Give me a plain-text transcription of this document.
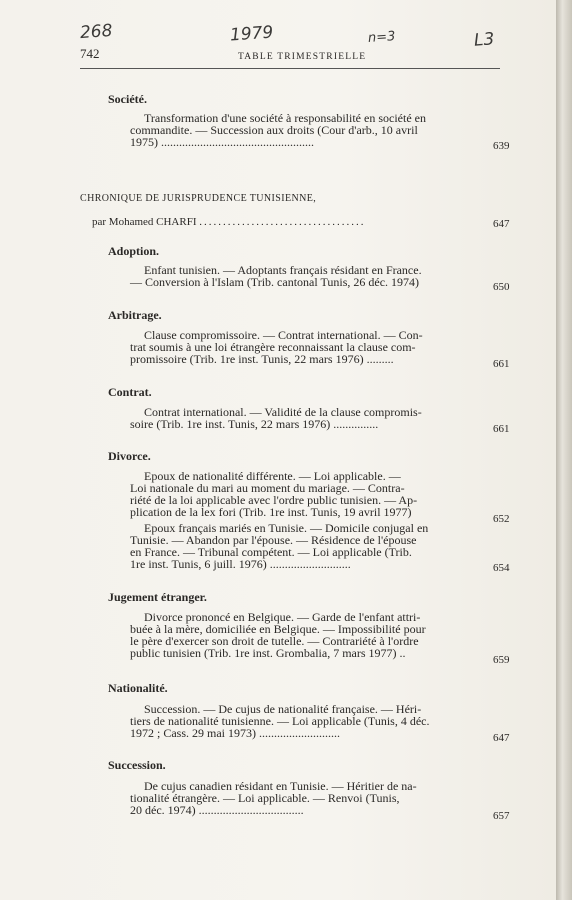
268	1979	n=3	L3
742	TABLE TRIMESTRIELLE
Société.
Transformation d'une société à responsabilité en société en
commandite. — Succession aux droits (Cour d'arb., 10 avril
1975) ...................................................	639
CHRONIQUE DE JURISPRUDENCE TUNISIENNE,
par Mohamed CHARFI ...................................	647
Adoption.
Enfant tunisien. — Adoptants français résidant en France.
— Conversion à l'Islam (Trib. cantonal Tunis, 26 déc. 1974)	650
Arbitrage.
Clause compromissoire. — Contrat international. — Con-
trat soumis à une loi étrangère reconnaissant la clause com-
promissoire (Trib. 1re inst. Tunis, 22 mars 1976) .........	661
Contrat.
Contrat international. — Validité de la clause compromis-
soire (Trib. 1re inst. Tunis, 22 mars 1976) ...............	661
Divorce.
Epoux de nationalité différente. — Loi applicable. —
Loi nationale du mari au moment du mariage. — Contra-
riété de la loi applicable avec l'ordre public tunisien. — Ap-
plication de la lex fori (Trib. 1re inst. Tunis, 19 avril 1977)	652
Epoux français mariés en Tunisie. — Domicile conjugal en
Tunisie. — Abandon par l'épouse. — Résidence de l'épouse
en France. — Tribunal compétent. — Loi applicable (Trib.
1re inst. Tunis, 6 juill. 1976) ...........................	654
Jugement étranger.
Divorce prononcé en Belgique. — Garde de l'enfant attri-
buée à la mère, domiciliée en Belgique. — Impossibilité pour
le père d'exercer son droit de tutelle. — Contrariété à l'ordre
public tunisien (Trib. 1re inst. Grombalia, 7 mars 1977) ..	659
Nationalité.
Succession. — De cujus de nationalité française. — Héri-
tiers de nationalité tunisienne. — Loi applicable (Tunis, 4 déc.
1972 ; Cass. 29 mai 1973) ...........................	647
Succession.
De cujus canadien résidant en Tunisie. — Héritier de na-
tionalité étrangère. — Loi applicable. — Renvoi (Tunis,
20 déc. 1974) ...................................	657
